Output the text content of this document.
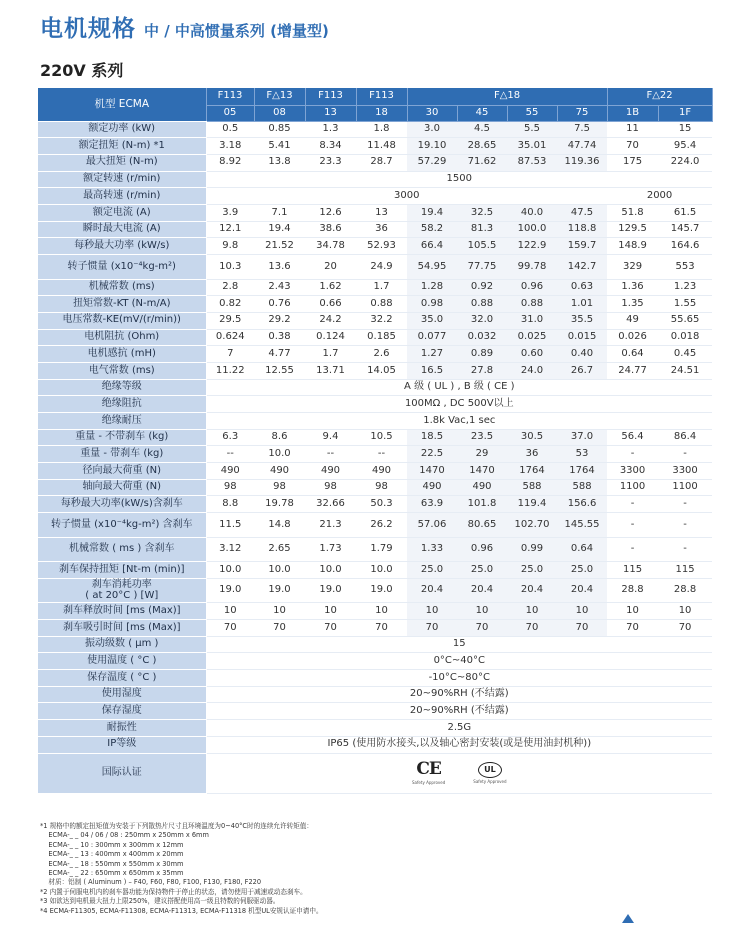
电机规格 中 / 中高惯量系列 (增量型)
220V 系列
机型 ECMA	F113	F△13	F113	F113	F△18				F△22	
	05	08	13	18	30	45	55	75	1B	1F
额定功率 (kW)	0.5	0.85	1.3	1.8	3.0	4.5	5.5	7.5	11	15
额定扭矩 (N-m) *1	3.18	5.41	8.34	11.48	19.10	28.65	35.01	47.74	70	95.4
最大扭矩 (N-m)	8.92	13.8	23.3	28.7	57.29	71.62	87.53	119.36	175	224.0
额定转速 (r/min)	1500									
最高转速 (r/min)	3000								2000	
额定电流 (A)	3.9	7.1	12.6	13	19.4	32.5	40.0	47.5	51.8	61.5
瞬时最大电流 (A)	12.1	19.4	38.6	36	58.2	81.3	100.0	118.8	129.5	145.7
每秒最大功率 (kW/s)	9.8	21.52	34.78	52.93	66.4	105.5	122.9	159.7	148.9	164.6
转子惯量 (x10⁻⁴kg-m²)	10.3	13.6	20	24.9	54.95	77.75	99.78	142.7	329	553
机械常数 (ms)	2.8	2.43	1.62	1.7	1.28	0.92	0.96	0.63	1.36	1.23
扭矩常数-KT (N-m/A)	0.82	0.76	0.66	0.88	0.98	0.88	0.88	1.01	1.35	1.55
电压常数-KE(mV/(r/min))	29.5	29.2	24.2	32.2	35.0	32.0	31.0	35.5	49	55.65
电机阻抗 (Ohm)	0.624	0.38	0.124	0.185	0.077	0.032	0.025	0.015	0.026	0.018
电机感抗 (mH)	7	4.77	1.7	2.6	1.27	0.89	0.60	0.40	0.64	0.45
电气常数 (ms)	11.22	12.55	13.71	14.05	16.5	27.8	24.0	26.7	24.77	24.51
绝缘等级	A 级 ( UL ) , B 级 ( CE )									
绝缘阻抗	100MΩ , DC 500V以上									
绝缘耐压	1.8k Vac,1 sec									
重量 - 不带刹车 (kg)	6.3	8.6	9.4	10.5	18.5	23.5	30.5	37.0	56.4	86.4
重量 - 带刹车 (kg)	--	10.0	--	--	22.5	29	36	53	-	-
径向最大荷重 (N)	490	490	490	490	1470	1470	1764	1764	3300	3300
轴向最大荷重 (N)	98	98	98	98	490	490	588	588	1100	1100
每秒最大功率(kW/s)含刹车	8.8	19.78	32.66	50.3	63.9	101.8	119.4	156.6	-	-
转子惯量 (x10⁻⁴kg-m²) 含刹车	11.5	14.8	21.3	26.2	57.06	80.65	102.70	145.55	-	-
机械常数 ( ms ) 含刹车	3.12	2.65	1.73	1.79	1.33	0.96	0.99	0.64	-	-
刹车保持扭矩 [Nt-m (min)]	10.0	10.0	10.0	10.0	25.0	25.0	25.0	25.0	115	115
刹车消耗功率
( at 20°C ) [W]	19.0	19.0	19.0	19.0	20.4	20.4	20.4	20.4	28.8	28.8
刹车释放时间 [ms (Max)]	10	10	10	10	10	10	10	10	10	10
刹车吸引时间 [ms (Max)]	70	70	70	70	70	70	70	70	70	70
振动级数 ( μm )	15									
使用温度 ( °C )	0°C~40°C									
保存温度 ( °C )	-10°C~80°C									
使用湿度	20~90%RH (不结露)									
保存湿度	20~90%RH (不结露)									
耐振性	2.5G									
IP等级	IP65 (使用防水接头,以及轴心密封安装(或是使用油封机种))									
国际认证	CE
Safety Approved
UL
Safety Approved									
*1 规格中的额定扭矩值为安装于下列散热片尺寸且环境温度为0~40°C时的连续允许转矩值：
ECMA-_ _ 04 / 06 / 08 : 250mm x 250mm x 6mm
ECMA-_ _ 10 : 300mm x 300mm x 12mm
ECMA-_ _ 13 : 400mm x 400mm x 20mm
ECMA-_ _ 18 : 550mm x 550mm x 30mm
ECMA-_ _ 22 : 650mm x 650mm x 35mm
材质：铝制 ( Aluminum ) – F40, F60, F80, F100, F130, F180, F220
*2 内置于伺服电机内的刹车器功能为保持物件于停止的状态，请勿使用于减速或动态刹车。
*3 如欲达到电机最大扭力上限250%，建议搭配使用高一级且特数的伺服驱动器。
*4 ECMA-F11305, ECMA-F11308, ECMA-F11313, ECMA-F11318 机型UL安规认证申请中。
